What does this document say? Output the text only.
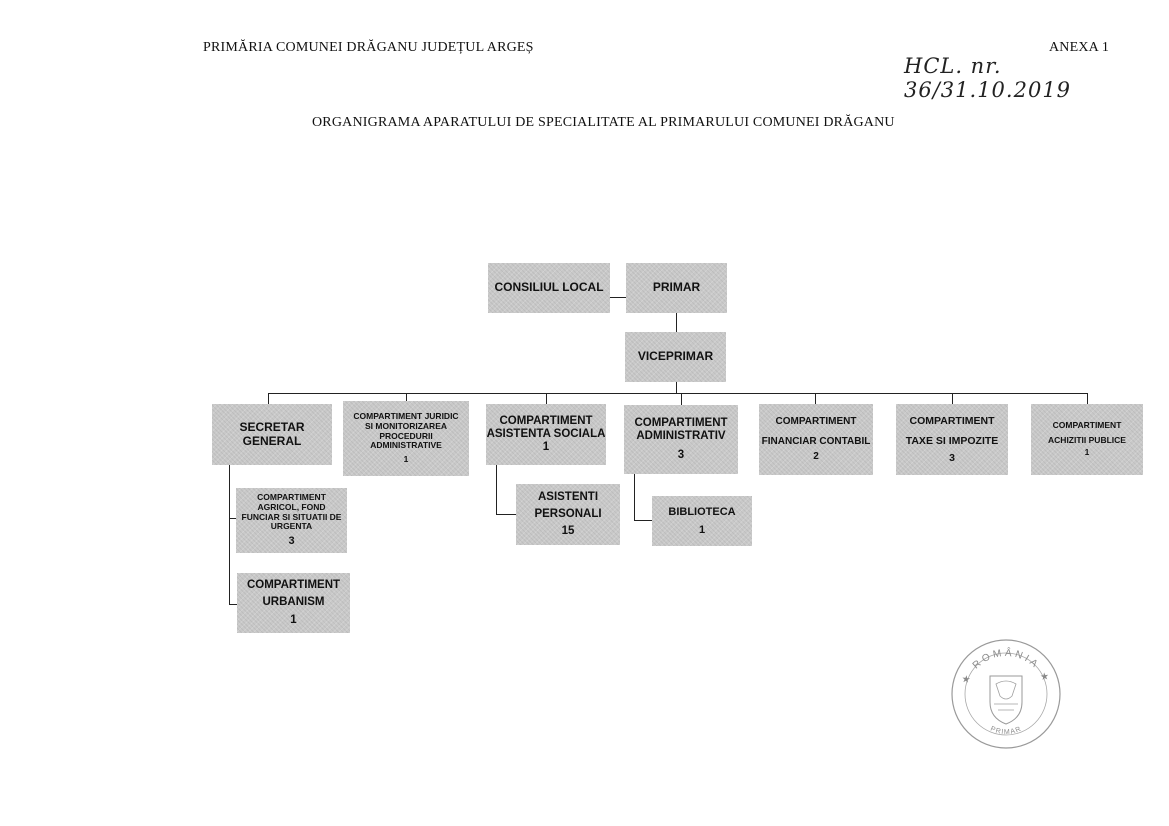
PRIMĂRIA COMUNEI DRĂGANU JUDEȚUL ARGEȘ	ANEXA 1
HCL. nr. 36/31.10.2019
ORGANIGRAMA APARATULUI DE SPECIALITATE AL PRIMARULUI COMUNEI DRĂGANU
CONSILIUL LOCAL	PRIMAR
VICEPRIMAR
SECRETAR GENERAL
COMPARTIMENT JURIDIC
SI MONITORIZAREA
PROCEDURII
ADMINISTRATIVE
1
COMPARTIMENT
ASISTENTA SOCIALA
1
COMPARTIMENT
ADMINISTRATIV
3
COMPARTIMENT
FINANCIAR CONTABIL
2
COMPARTIMENT
TAXE SI IMPOZITE
3
COMPARTIMENT
ACHIZITII PUBLICE
1
COMPARTIMENT
AGRICOL, FOND
FUNCIAR SI SITUATII DE
URGENTA
3
COMPARTIMENT
URBANISM
1
ASISTENTI
PERSONALI
15
BIBLIOTECA
1
★ ROMÂNIA ★
PRIMAR
